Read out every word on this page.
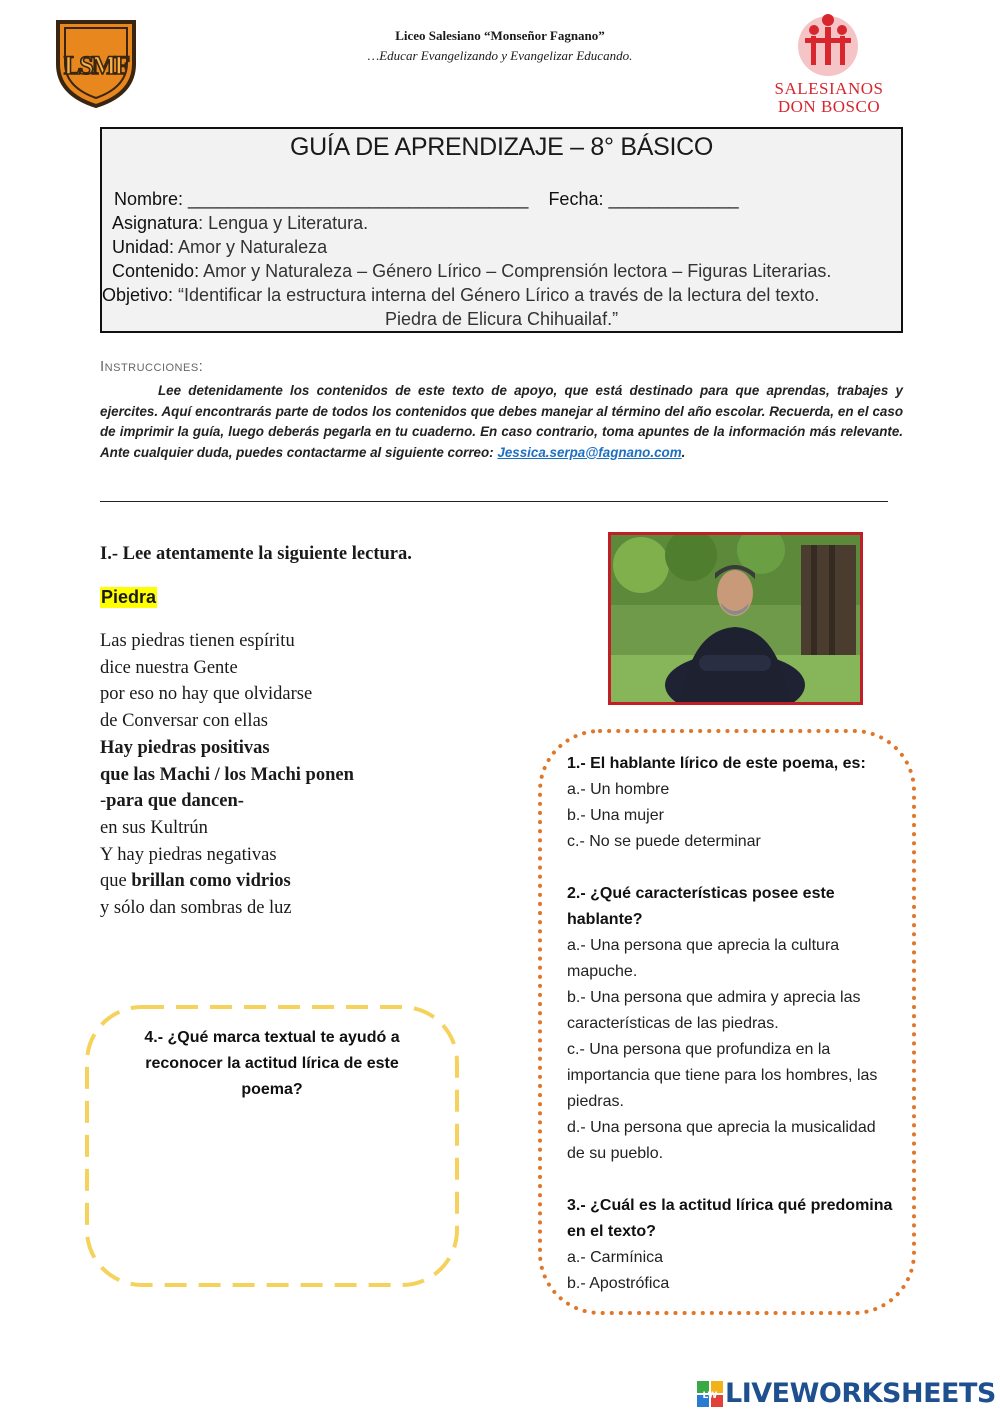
LSMF
Liceo Salesiano “Monseñor Fagnano”
…Educar Evangelizando y Evangelizar Educando.
SALESIANOS
DON BOSCO
GUÍA DE APRENDIZAJE – 8° BÁSICO
Nombre: __________________________________ Fecha: _____________
Asignatura: Lengua y Literatura.
Unidad: Amor y Naturaleza
Contenido: Amor y Naturaleza – Género Lírico – Comprensión lectora – Figuras Literarias.
Objetivo: “Identificar la estructura interna del Género Lírico a través de la lectura del texto.
Piedra de Elicura Chihuailaf.”
Instrucciones:
Lee detenidamente los contenidos de este texto de apoyo, que está destinado para que aprendas, trabajes y ejercites. Aquí encontrarás parte de todos los contenidos que debes manejar al término del año escolar. Recuerda, en el caso de imprimir la guía, luego deberás pegarla en tu cuaderno. En caso contrario, toma apuntes de la información más relevante. Ante cualquier duda, puedes contactarme al siguiente correo: Jessica.serpa@fagnano.com.
I.- Lee atentamente la siguiente lectura.
Piedra
Las piedras tienen espíritu
dice nuestra Gente
por eso no hay que olvidarse
de Conversar con ellas
Hay piedras positivas
que las Machi / los Machi ponen
-para que dancen-
en sus Kultrún
Y hay piedras negativas
que brillan como vidrios
y sólo dan sombras de luz
1.- El hablante lírico de este poema, es:
a.- Un hombre
b.- Una mujer
c.- No se puede determinar
2.- ¿Qué características posee este hablante?
a.- Una persona que aprecia la cultura mapuche.
b.- Una persona que admira y aprecia las características de las piedras.
c.- Una persona que profundiza en la importancia que tiene para los hombres, las piedras.
d.- Una persona que aprecia la musicalidad de su pueblo.
3.- ¿Cuál es la actitud lírica qué predomina en el texto?
a.- Carmínica
b.- Apostrófica
4.- ¿Qué marca textual te ayudó a reconocer la actitud lírica de este poema?
LW LIVEWORKSHEETS
